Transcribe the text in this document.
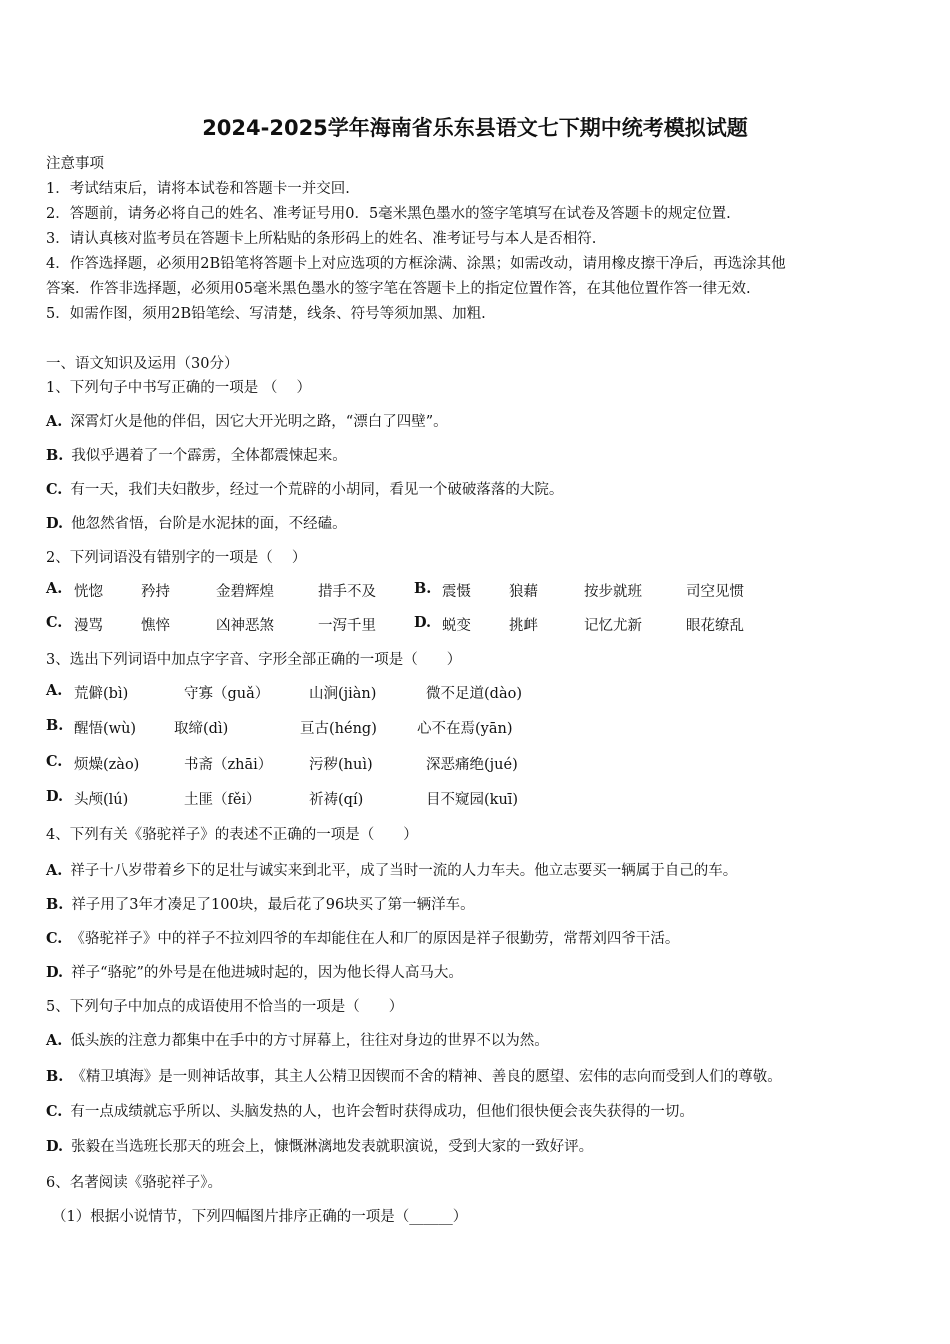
2024-2025学年海南省乐东县语文七下期中统考模拟试题
注意事项
1．考试结束后，请将本试卷和答题卡一并交回.
2．答题前，请务必将自己的姓名、准考证号用0．5毫米黑色墨水的签字笔填写在试卷及答题卡的规定位置.
3．请认真核对监考员在答题卡上所粘贴的条形码上的姓名、准考证号与本人是否相符.
4．作答选择题，必须用2B铅笔将答题卡上对应选项的方框涂满、涂黑；如需改动，请用橡皮擦干净后，再选涂其他
答案．作答非选择题，必须用05毫米黑色墨水的签字笔在答题卡上的指定位置作答，在其他位置作答一律无效.
5．如需作图，须用2B铅笔绘、写清楚，线条、符号等须加黑、加粗.
一、语文知识及运用（30分）
1、下列句子中书写正确的一项是 （　 ）
A. 深霄灯火是他的伴侣，因它大开光明之路，“漂白了四壁”。
B. 我似乎遇着了一个霹雳，全体都震悚起来。
C. 有一天，我们夫妇散步，经过一个荒辟的小胡同，看见一个破破落落的大院。
D. 他忽然省悟，台阶是水泥抹的面，不经磕。
2、下列词语没有错别字的一项是（　 ）
A. 恍惚	矜持	金碧辉煌	措手不及	B. 震慑	狼藉	按步就班	司空见惯
C. 漫骂	憔悴	凶神恶煞	一泻千里	D. 蜕变	挑衅	记忆尤新	眼花缭乱
3、选出下列词语中加点字字音、字形全部正确的一项是（　　）
A. 荒僻(bì)	守寡（guǎ）	山涧(jiàn)	微不足道(dào)
B. 醒悟(wù)	取缔(dì)	亘古(héng)	心不在焉(yān)
C. 烦燥(zào)	书斋（zhāi）	污秽(huì)	深恶痛绝(jué)
D. 头颅(lú)	土匪（fěi）	祈祷(qí)	目不窥园(kuī)
4、下列有关《骆驼祥子》的表述不正确的一项是（　　）
A. 祥子十八岁带着乡下的足壮与诚实来到北平，成了当时一流的人力车夫。他立志要买一辆属于自己的车。
B. 祥子用了3年才凑足了100块，最后花了96块买了第一辆洋车。
C. 《骆驼祥子》中的祥子不拉刘四爷的车却能住在人和厂的原因是祥子很勤劳，常帮刘四爷干活。
D. 祥子“骆驼”的外号是在他进城时起的，因为他长得人高马大。
5、下列句子中加点的成语使用不恰当的一项是（　　）
A. 低头族的注意力都集中在手中的方寸屏幕上，往往对身边的世界不以为然。
B. 《精卫填海》是一则神话故事，其主人公精卫因锲而不舍的精神、善良的愿望、宏伟的志向而受到人们的尊敬。
C. 有一点成绩就忘乎所以、头脑发热的人，也许会暂时获得成功，但他们很快便会丧失获得的一切。
D. 张毅在当选班长那天的班会上，慷慨淋漓地发表就职演说，受到大家的一致好评。
6、名著阅读《骆驼祥子》。
（1）根据小说情节，下列四幅图片排序正确的一项是（______）
